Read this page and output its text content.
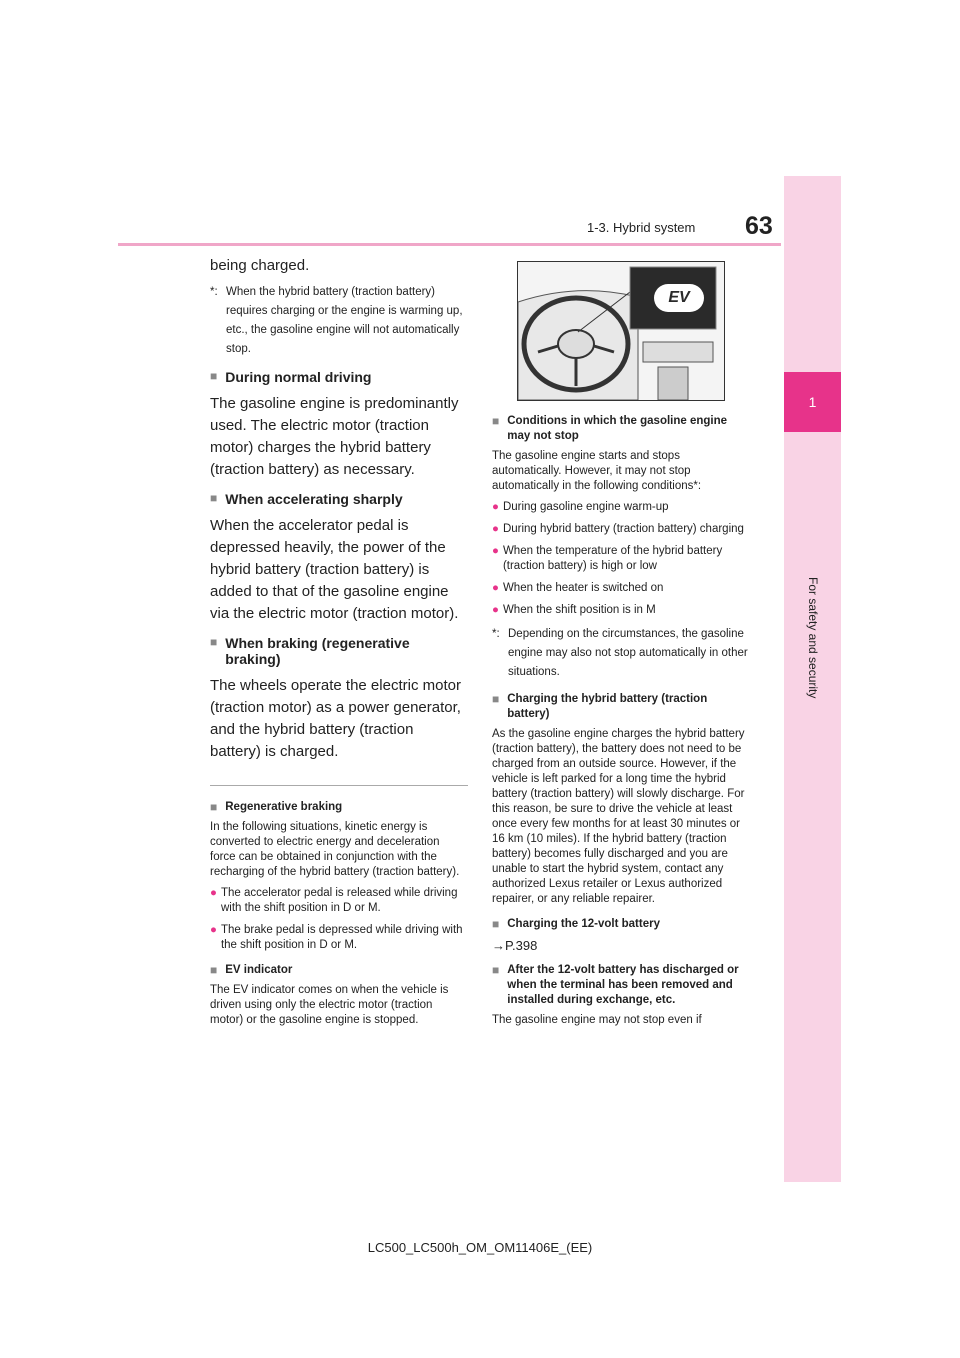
1
1-3. Hybrid system 63

being charged.

*: When the hybrid battery (traction battery) requires charging or the engine is warming up, etc., the gasoline engine will not automatically stop.
■ During normal driving

The gasoline engine is predominantly used. The electric motor (traction motor) charges the hybrid battery (traction battery) as necessary.

■ When accelerating sharply

When the accelerator pedal is depressed heavily, the power of the hybrid battery (traction battery) is added to that of the gasoline engine via the electric motor (traction motor).

■ When braking (regenerative braking)

The wheels operate the electric motor (traction motor) as a power generator, and the hybrid battery (traction battery) is charged.

■ Regenerative braking

In the following situations, kinetic energy is converted to electric energy and deceleration force can be obtained in conjunction with the recharging of the hybrid battery (traction battery).

● The accelerator pedal is released while driving with the shift position in D or M.
● The brake pedal is depressed while driving with the shift position in D or M.
■ EV indicator

The EV indicator comes on when the vehicle is driven using only the electric motor (traction motor) or the gasoline engine is stopped.

EV
■ Conditions in which the gasoline engine may not stop

The gasoline engine starts and stops automatically. However, it may not stop automatically in the following conditions*:

● During gasoline engine warm-up
● During hybrid battery (traction battery) charging
● When the temperature of the hybrid battery (traction battery) is high or low
● When the heater is switched on
● When the shift position is in M
*: Depending on the circumstances, the gasoline engine may also not stop automatically in other situations.
■ Charging the hybrid battery (traction battery)

As the gasoline engine charges the hybrid battery (traction battery), the battery does not need to be charged from an outside source. However, if the vehicle is left parked for a long time the hybrid battery (traction battery) will slowly discharge. For this reason, be sure to drive the vehicle at least once every few months for at least 30 minutes or 16 km (10 miles). If the hybrid battery (traction battery) becomes fully discharged and you are unable to start the hybrid system, contact any authorized Lexus retailer or Lexus authorized repairer, or any reliable repairer.

■ Charging the 12-volt battery

→P.398

■ After the 12-volt battery has discharged or when the terminal has been removed and installed during exchange, etc.

The gasoline engine may not stop even if

LC500_LC500h_OM_OM11406E_(EE)
